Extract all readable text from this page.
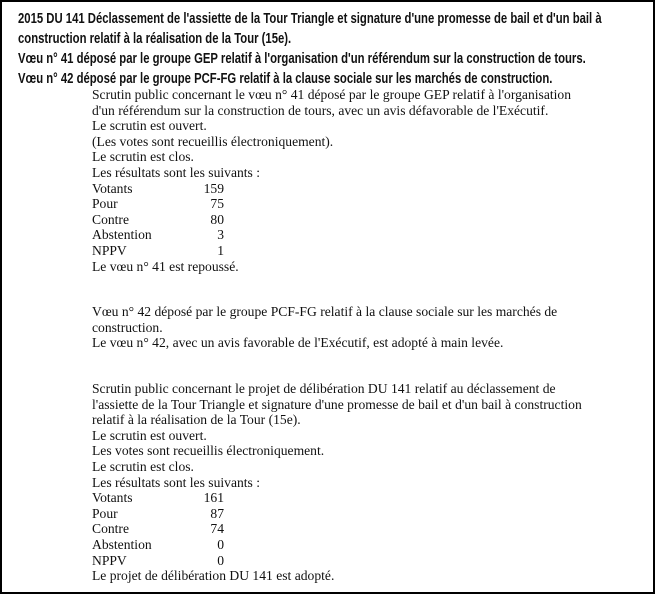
2015 DU 141 Déclassement de l'assiette de la Tour Triangle et signature d'une promesse de bail et d'un bail à
construction relatif à la réalisation de la Tour (15e).
Vœu n° 41 déposé par le groupe GEP relatif à l'organisation d'un référendum sur la construction de tours.
Vœu n° 42 déposé par le groupe PCF-FG relatif à la clause sociale sur les marchés de construction.
Scrutin public concernant le vœu n° 41 déposé par le groupe GEP relatif à l'organisation
d'un référendum sur la construction de tours, avec un avis défavorable de l'Exécutif.
Le scrutin est ouvert.
(Les votes sont recueillis électroniquement).
Le scrutin est clos.
Les résultats sont les suivants :
Votants	159
Pour	75
Contre	80
Abstention	3
NPPV	1
Le vœu n° 41 est repoussé.
Vœu n° 42 déposé par le groupe PCF-FG relatif à la clause sociale sur les marchés de
construction.
Le vœu n° 42, avec un avis favorable de l'Exécutif, est adopté à main levée.
Scrutin public concernant le projet de délibération DU 141 relatif au déclassement de
l'assiette de la Tour Triangle et signature d'une promesse de bail et d'un bail à construction
relatif à la réalisation de la Tour (15e).
Le scrutin est ouvert.
Les votes sont recueillis électroniquement.
Le scrutin est clos.
Les résultats sont les suivants :
Votants	161
Pour	87
Contre	74
Abstention	0
NPPV	0
Le projet de délibération DU 141 est adopté.
